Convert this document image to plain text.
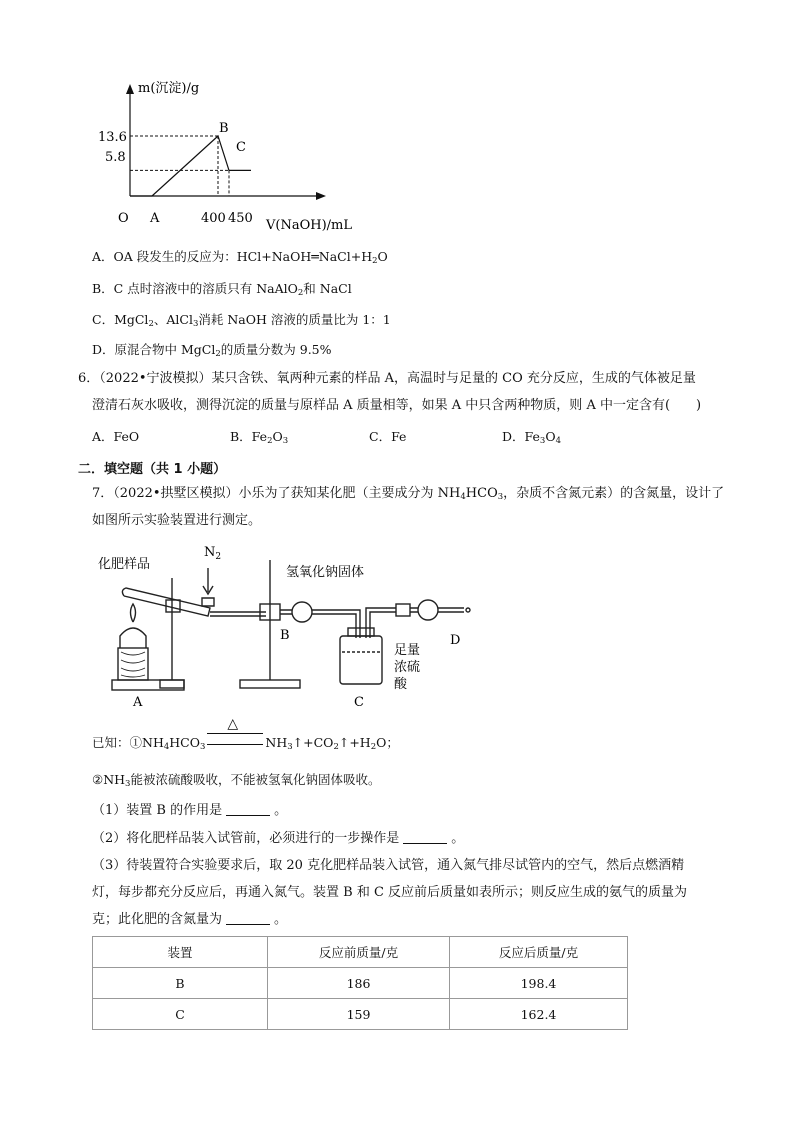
m(沉淀)/g
V(NaOH)/mL
O A	400 450
5.8
13.6
B
C
A．OA 段发生的反应为：$HCl+NaOH═NaCl+H_2O$
B．C 点时溶液中的溶质只有 NaAlO$_2$和 NaCl
C．MgCl$_2$、AlCl$_3$消耗 NaOH 溶液的质量比为 1：1
D．原混合物中 MgCl$_2$的质量分数为 9.5%
6．（2022•宁波模拟）某只含铁、氧两种元素的样品 A，高温时与足量的 CO 充分反应，生成的气体被足量
澄清石灰水吸收，测得沉淀的质量与原样品 A 质量相等，如果 A 中只含两种物质，则 A 中一定含有(　　)
A．FeO	B．$Fe_2O_3$	C．Fe	D．$Fe_3O_4$
二．填空题（共 1 小题）
7．（2022•拱墅区模拟）小乐为了获知某化肥（主要成分为 $NH_4HCO_3$，杂质不含氮元素）的含氮量，设计了
如图所示实验装置进行测定。
化肥样品
$N_2$
氢氧化钠固体
A
B
C
D
足量
浓硫
酸
已知：$①NH_4HCO_3$
△
$NH_3↑+CO_2↑+H_2O$；
$②NH_3$能被浓硫酸吸收，不能被氢氧化钠固体吸收。
（1）装置 B 的作用是	。
（2）将化肥样品装入试管前，必须进行的一步操作是	。
（3）待装置符合实验要求后，取 20 克化肥样品装入试管，通入氮气排尽试管内的空气，然后点燃酒精
灯，每步都充分反应后，再通入氮气。装置 B 和 C 反应前后质量如表所示；则反应生成的氨气的质量为
克；此化肥的含氮量为	。
装置	反应前质量/克	反应后质量/克
B	186	198.4
C	159	162.4
